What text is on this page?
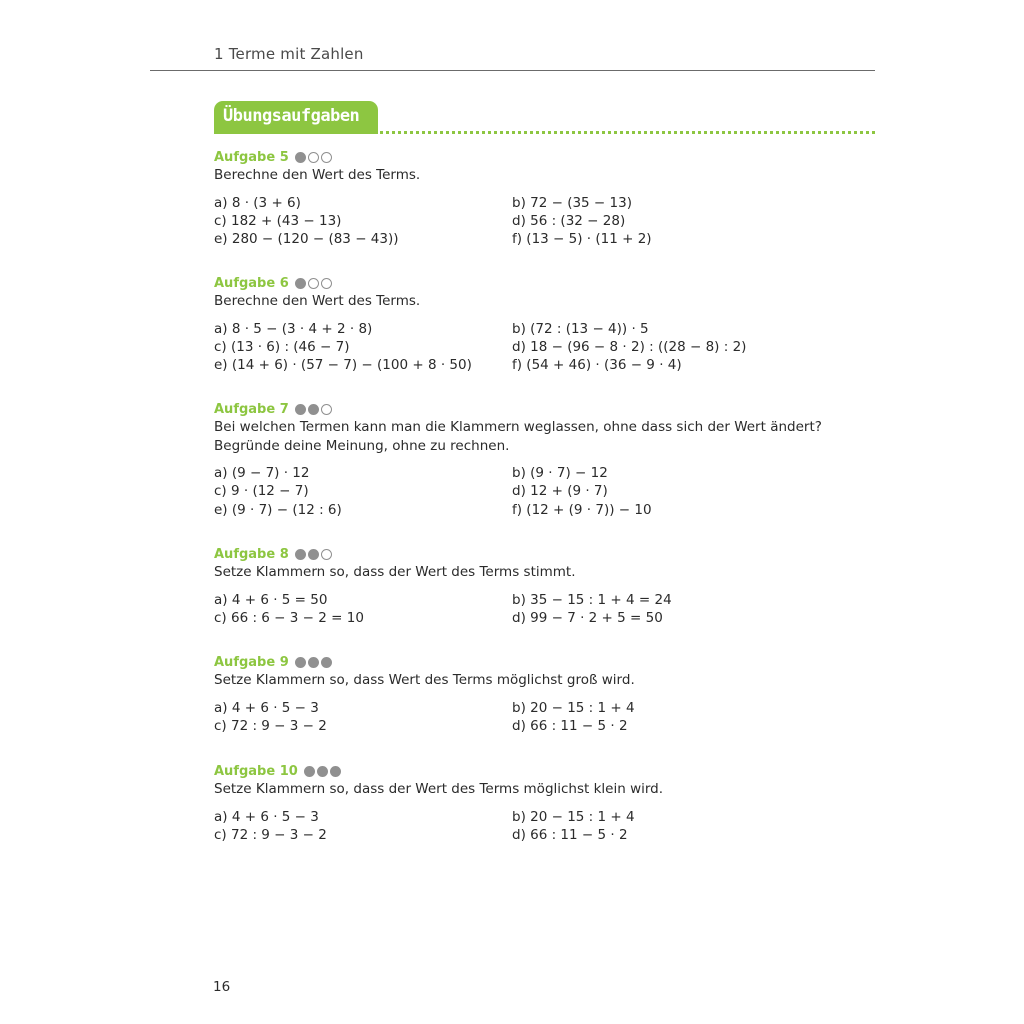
1 Terme mit Zahlen
Übungsaufgaben
Aufgabe 5
Berechne den Wert des Terms.
a) 8 · (3 + 6)	b) 72 − (35 − 13)
c) 182 + (43 − 13)	d) 56 : (32 − 28)
e) 280 − (120 − (83 − 43))	f) (13 − 5) · (11 + 2)
Aufgabe 6
Berechne den Wert des Terms.
a) 8 · 5 − (3 · 4 + 2 · 8)	b) (72 : (13 − 4)) · 5
c) (13 · 6) : (46 − 7)	d) 18 − (96 − 8 · 2) : ((28 − 8) : 2)
e) (14 + 6) · (57 − 7) − (100 + 8 · 50)	f) (54 + 46) · (36 − 9 · 4)
Aufgabe 7
Bei welchen Termen kann man die Klammern weglassen, ohne dass sich der Wert ändert?
Begründe deine Meinung, ohne zu rechnen.
a) (9 − 7) · 12	b) (9 · 7) − 12
c) 9 · (12 − 7)	d) 12 + (9 · 7)
e) (9 · 7) − (12 : 6)	f) (12 + (9 · 7)) − 10
Aufgabe 8
Setze Klammern so, dass der Wert des Terms stimmt.
a) 4 + 6 · 5 = 50	b) 35 − 15 : 1 + 4 = 24
c) 66 : 6 − 3 − 2 = 10	d) 99 − 7 · 2 + 5 = 50
Aufgabe 9
Setze Klammern so, dass Wert des Terms möglichst groß wird.
a) 4 + 6 · 5 − 3	b) 20 − 15 : 1 + 4
c) 72 : 9 − 3 − 2	d) 66 : 11 − 5 · 2
Aufgabe 10
Setze Klammern so, dass der Wert des Terms möglichst klein wird.
a) 4 + 6 · 5 − 3	b) 20 − 15 : 1 + 4
c) 72 : 9 − 3 − 2	d) 66 : 11 − 5 · 2
16
